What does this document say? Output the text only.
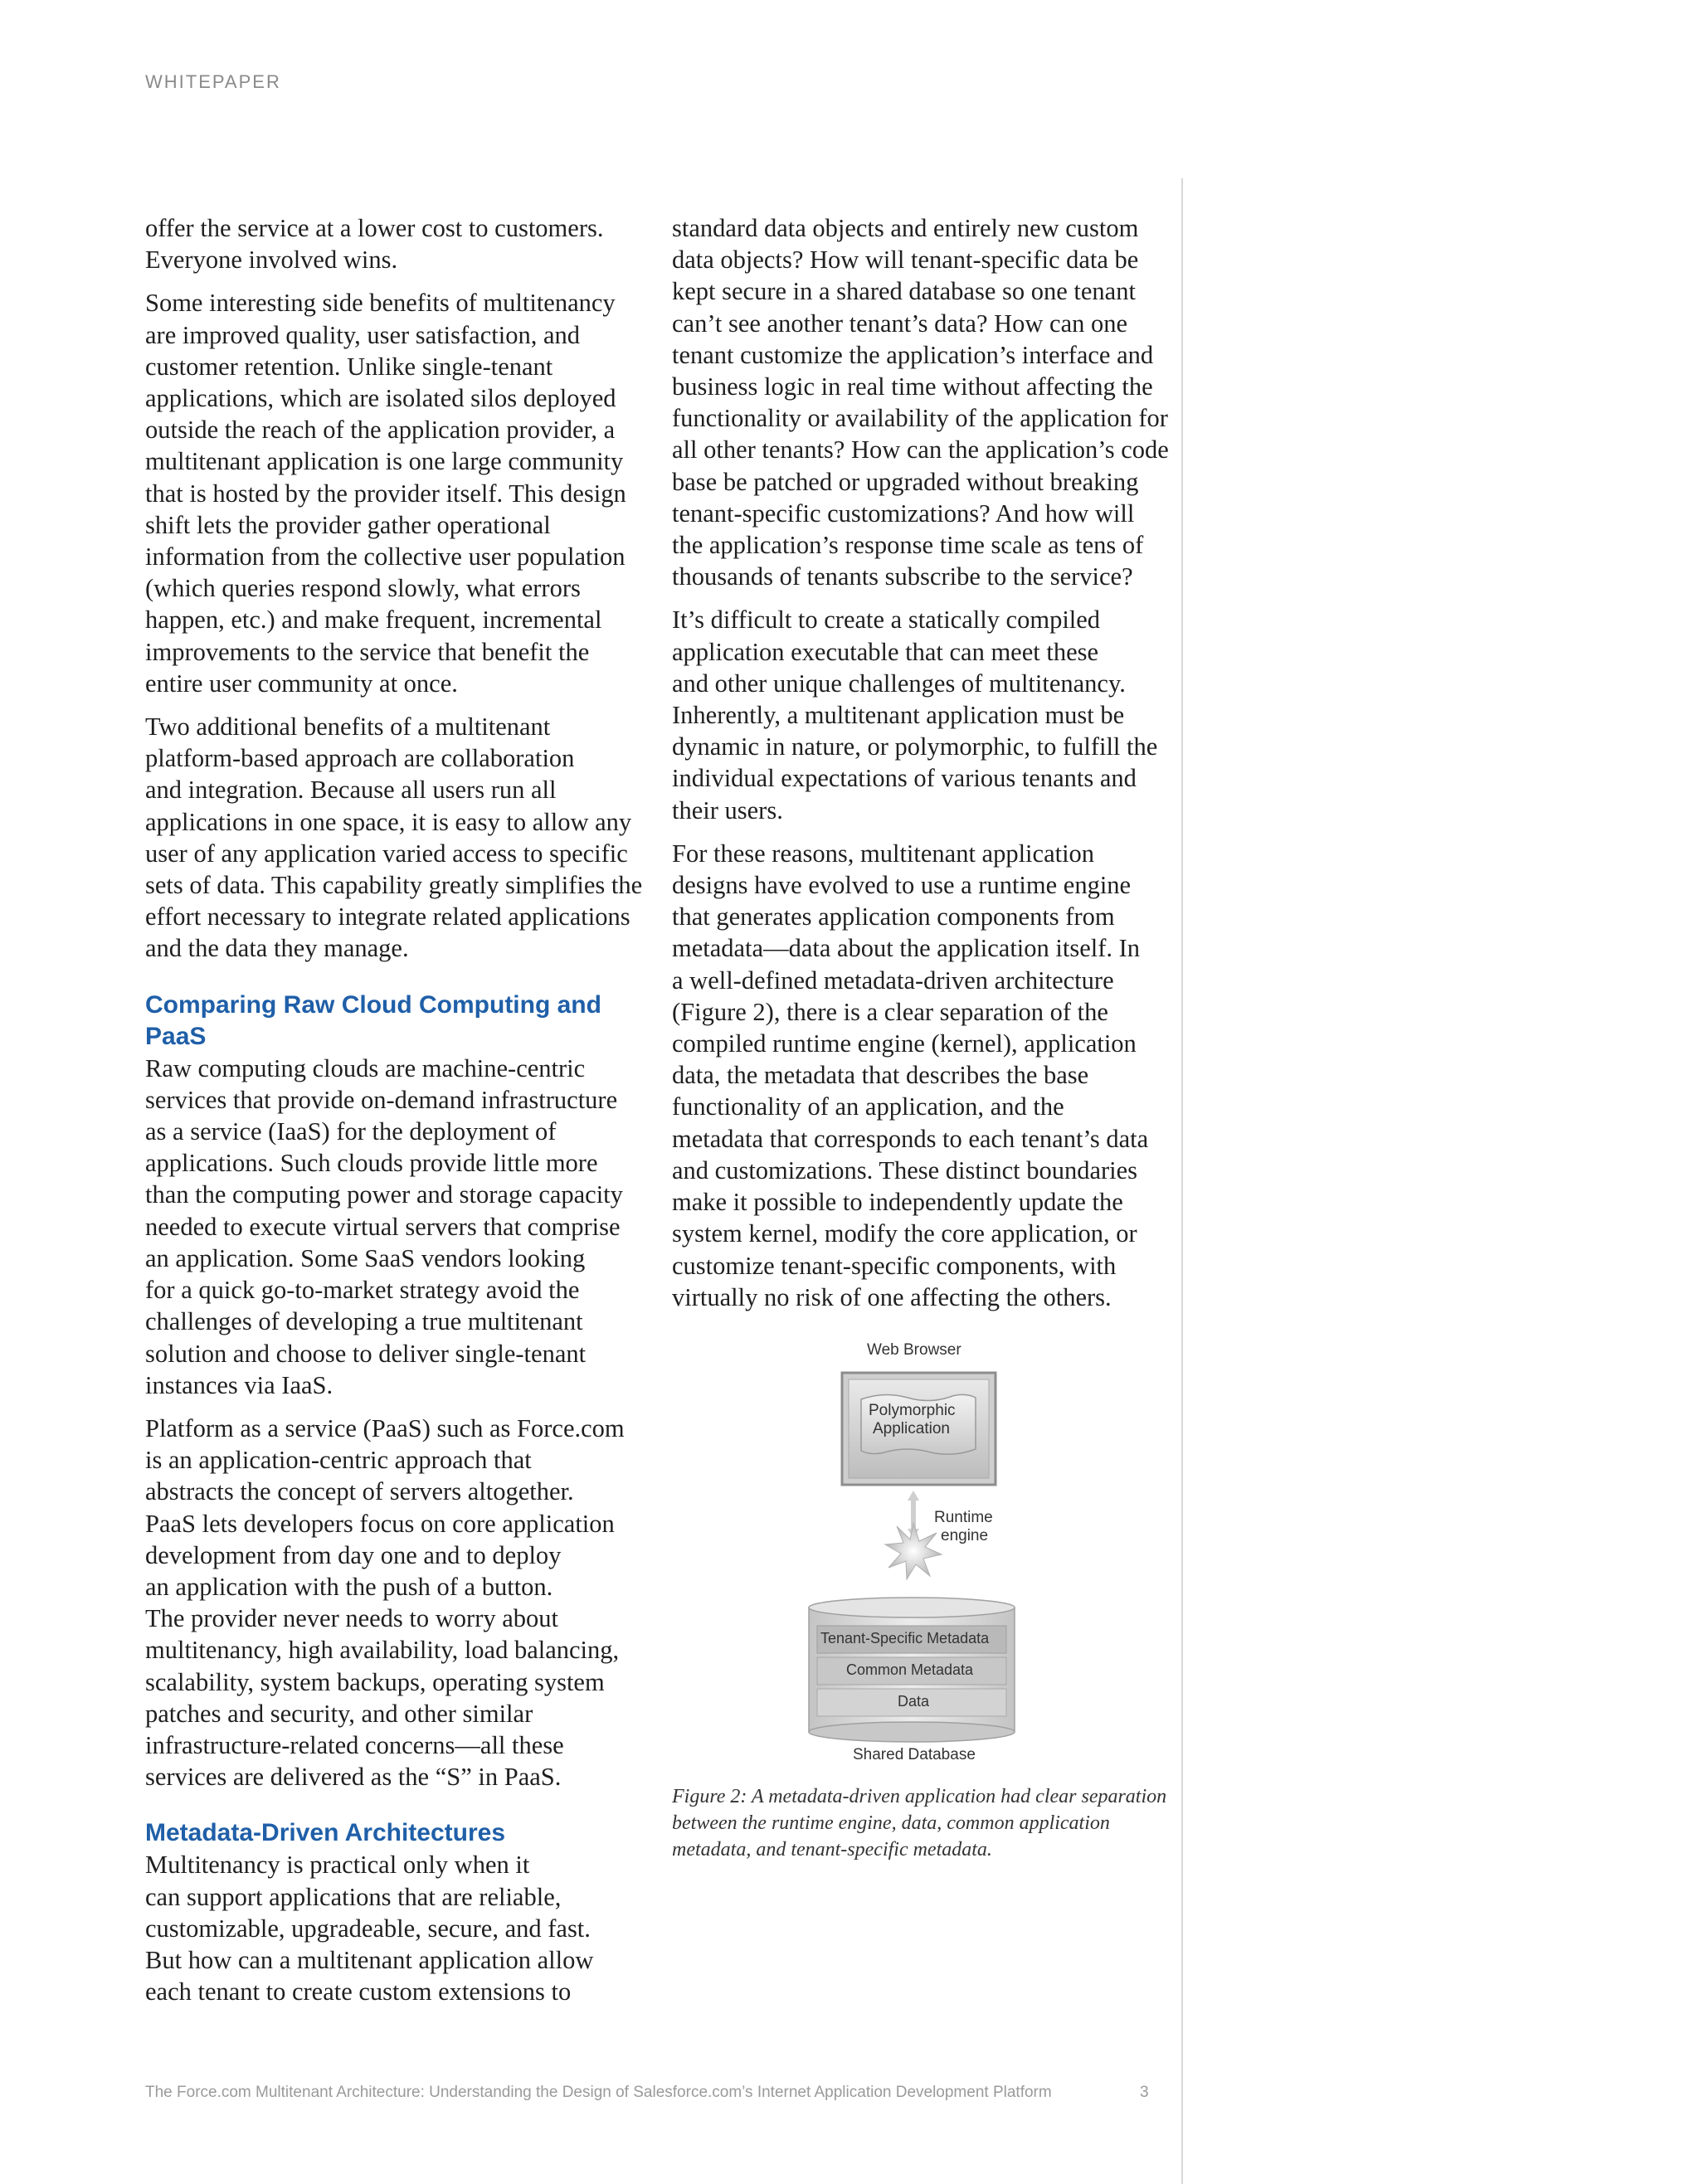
WHITEPAPER

offer the service at a lower cost to customers.
Everyone involved wins.

Some interesting side benefits of multitenancy
are improved quality, user satisfaction, and
customer retention. Unlike single-tenant
applications, which are isolated silos deployed
outside the reach of the application provider, a
multitenant application is one large community
that is hosted by the provider itself. This design
shift lets the provider gather operational
information from the collective user population
(which queries respond slowly, what errors
happen, etc.) and make frequent, incremental
improvements to the service that benefit the
entire user community at once.

Two additional benefits of a multitenant
platform-based approach are collaboration
and integration. Because all users run all
applications in one space, it is easy to allow any
user of any application varied access to specific
sets of data. This capability greatly simplifies the
effort necessary to integrate related applications
and the data they manage.

Comparing Raw Cloud Computing and
PaaS

Raw computing clouds are machine-centric
services that provide on-demand infrastructure
as a service (IaaS) for the deployment of
applications. Such clouds provide little more
than the computing power and storage capacity
needed to execute virtual servers that comprise
an application. Some SaaS vendors looking
for a quick go-to-market strategy avoid the
challenges of developing a true multitenant
solution and choose to deliver single-tenant
instances via IaaS.

Platform as a service (PaaS) such as Force.com
is an application-centric approach that
abstracts the concept of servers altogether.
PaaS lets developers focus on core application
development from day one and to deploy
an application with the push of a button.
The provider never needs to worry about
multitenancy, high availability, load balancing,
scalability, system backups, operating system
patches and security, and other similar
infrastructure-related concerns—all these
services are delivered as the “S” in PaaS.

Metadata-Driven Architectures

Multitenancy is practical only when it
can support applications that are reliable,
customizable, upgradeable, secure, and fast.
But how can a multitenant application allow
each tenant to create custom extensions to

standard data objects and entirely new custom
data objects? How will tenant-specific data be
kept secure in a shared database so one tenant
can’t see another tenant’s data? How can one
tenant customize the application’s interface and
business logic in real time without affecting the
functionality or availability of the application for
all other tenants? How can the application’s code
base be patched or upgraded without breaking
tenant-specific customizations? And how will
the application’s response time scale as tens of
thousands of tenants subscribe to the service?

It’s difficult to create a statically compiled
application executable that can meet these
and other unique challenges of multitenancy.
Inherently, a multitenant application must be
dynamic in nature, or polymorphic, to fulfill the
individual expectations of various tenants and
their users.

For these reasons, multitenant application
designs have evolved to use a runtime engine
that generates application components from
metadata—data about the application itself. In
a well-defined metadata-driven architecture
(Figure 2), there is a clear separation of the
compiled runtime engine (kernel), application
data, the metadata that describes the base
functionality of an application, and the
metadata that corresponds to each tenant’s data
and customizations. These distinct boundaries
make it possible to independently update the
system kernel, modify the core application, or
customize tenant-specific components, with
virtually no risk of one affecting the others.

Web Browser
Polymorphic
Application
Runtime
engine
Tenant-Specific Metadata
Common Metadata
Data
Shared Database
Figure 2: A metadata-driven application had clear separation
between the runtime engine, data, common application
metadata, and tenant-specific metadata.
The Force.com Multitenant Architecture: Understanding the Design of Salesforce.com’s Internet Application Development Platform	3
